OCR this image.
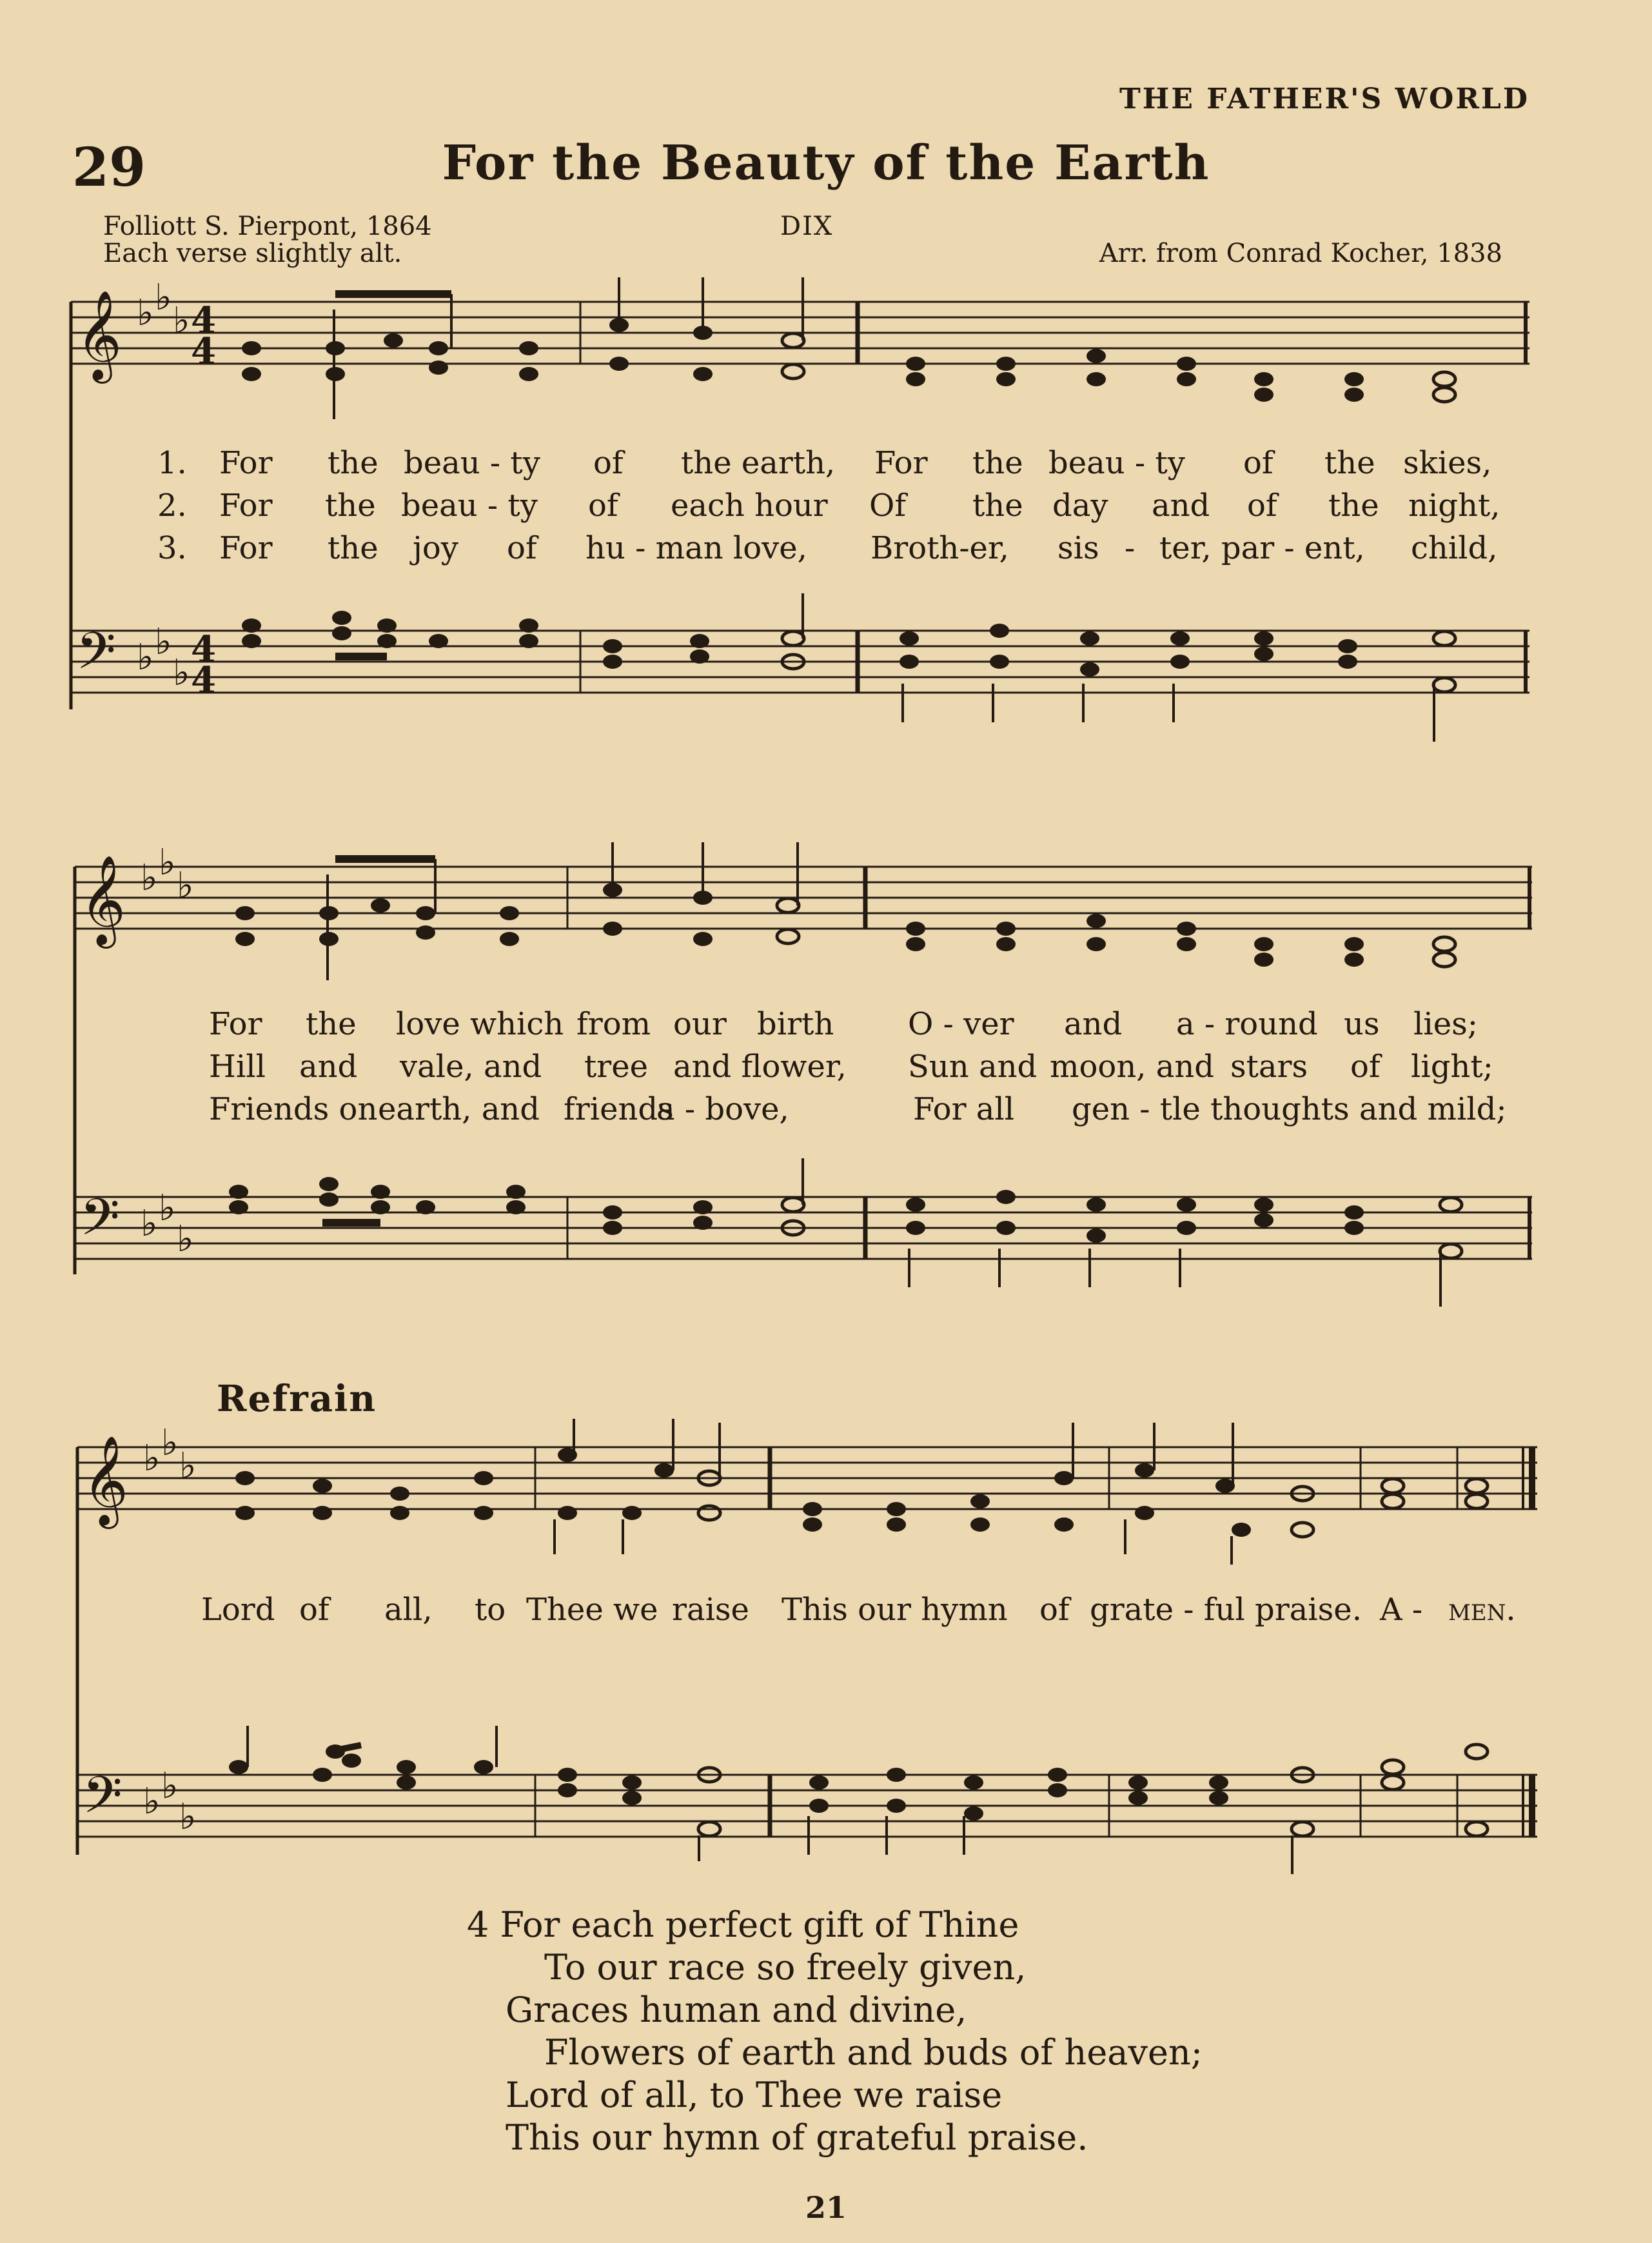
THE FATHER'S WORLD
29	For the Beauty of the Earth
Folliott S. Pierpont, 1864
Each verse slightly alt.
DIX
Arr. from Conrad Kocher, 1838
𝄞
𝄢
♭ ♭
♭
♭ ♭
♭
4
4
4
4
1. For the beau - ty of the earth, For the beau - ty of the skies,
2. For the beau - ty of each hour Of the day and of the night,
3. For the joy of hu - man love, Broth-er, sis - ter, par - ent, child,
𝄞
𝄢
♭ ♭
♭
♭ ♭
♭
For the love which from our birth O - ver and a - round us lies;
Hill and vale, and tree and flower, Sun and moon, and stars of light;
Friends on earth, and friends
a - bove,	For all gen - tle thoughts and mild;
Refrain
𝄞
𝄢
♭ ♭
♭
♭ ♭
♭
Lord of all, to Thee we raise This our hymn of grate - ful praise. A - men.
4 For each perfect gift of Thine
To our race so freely given,
Graces human and divine,
Flowers of earth and buds of heaven;
Lord of all, to Thee we raise
This our hymn of grateful praise.
21
